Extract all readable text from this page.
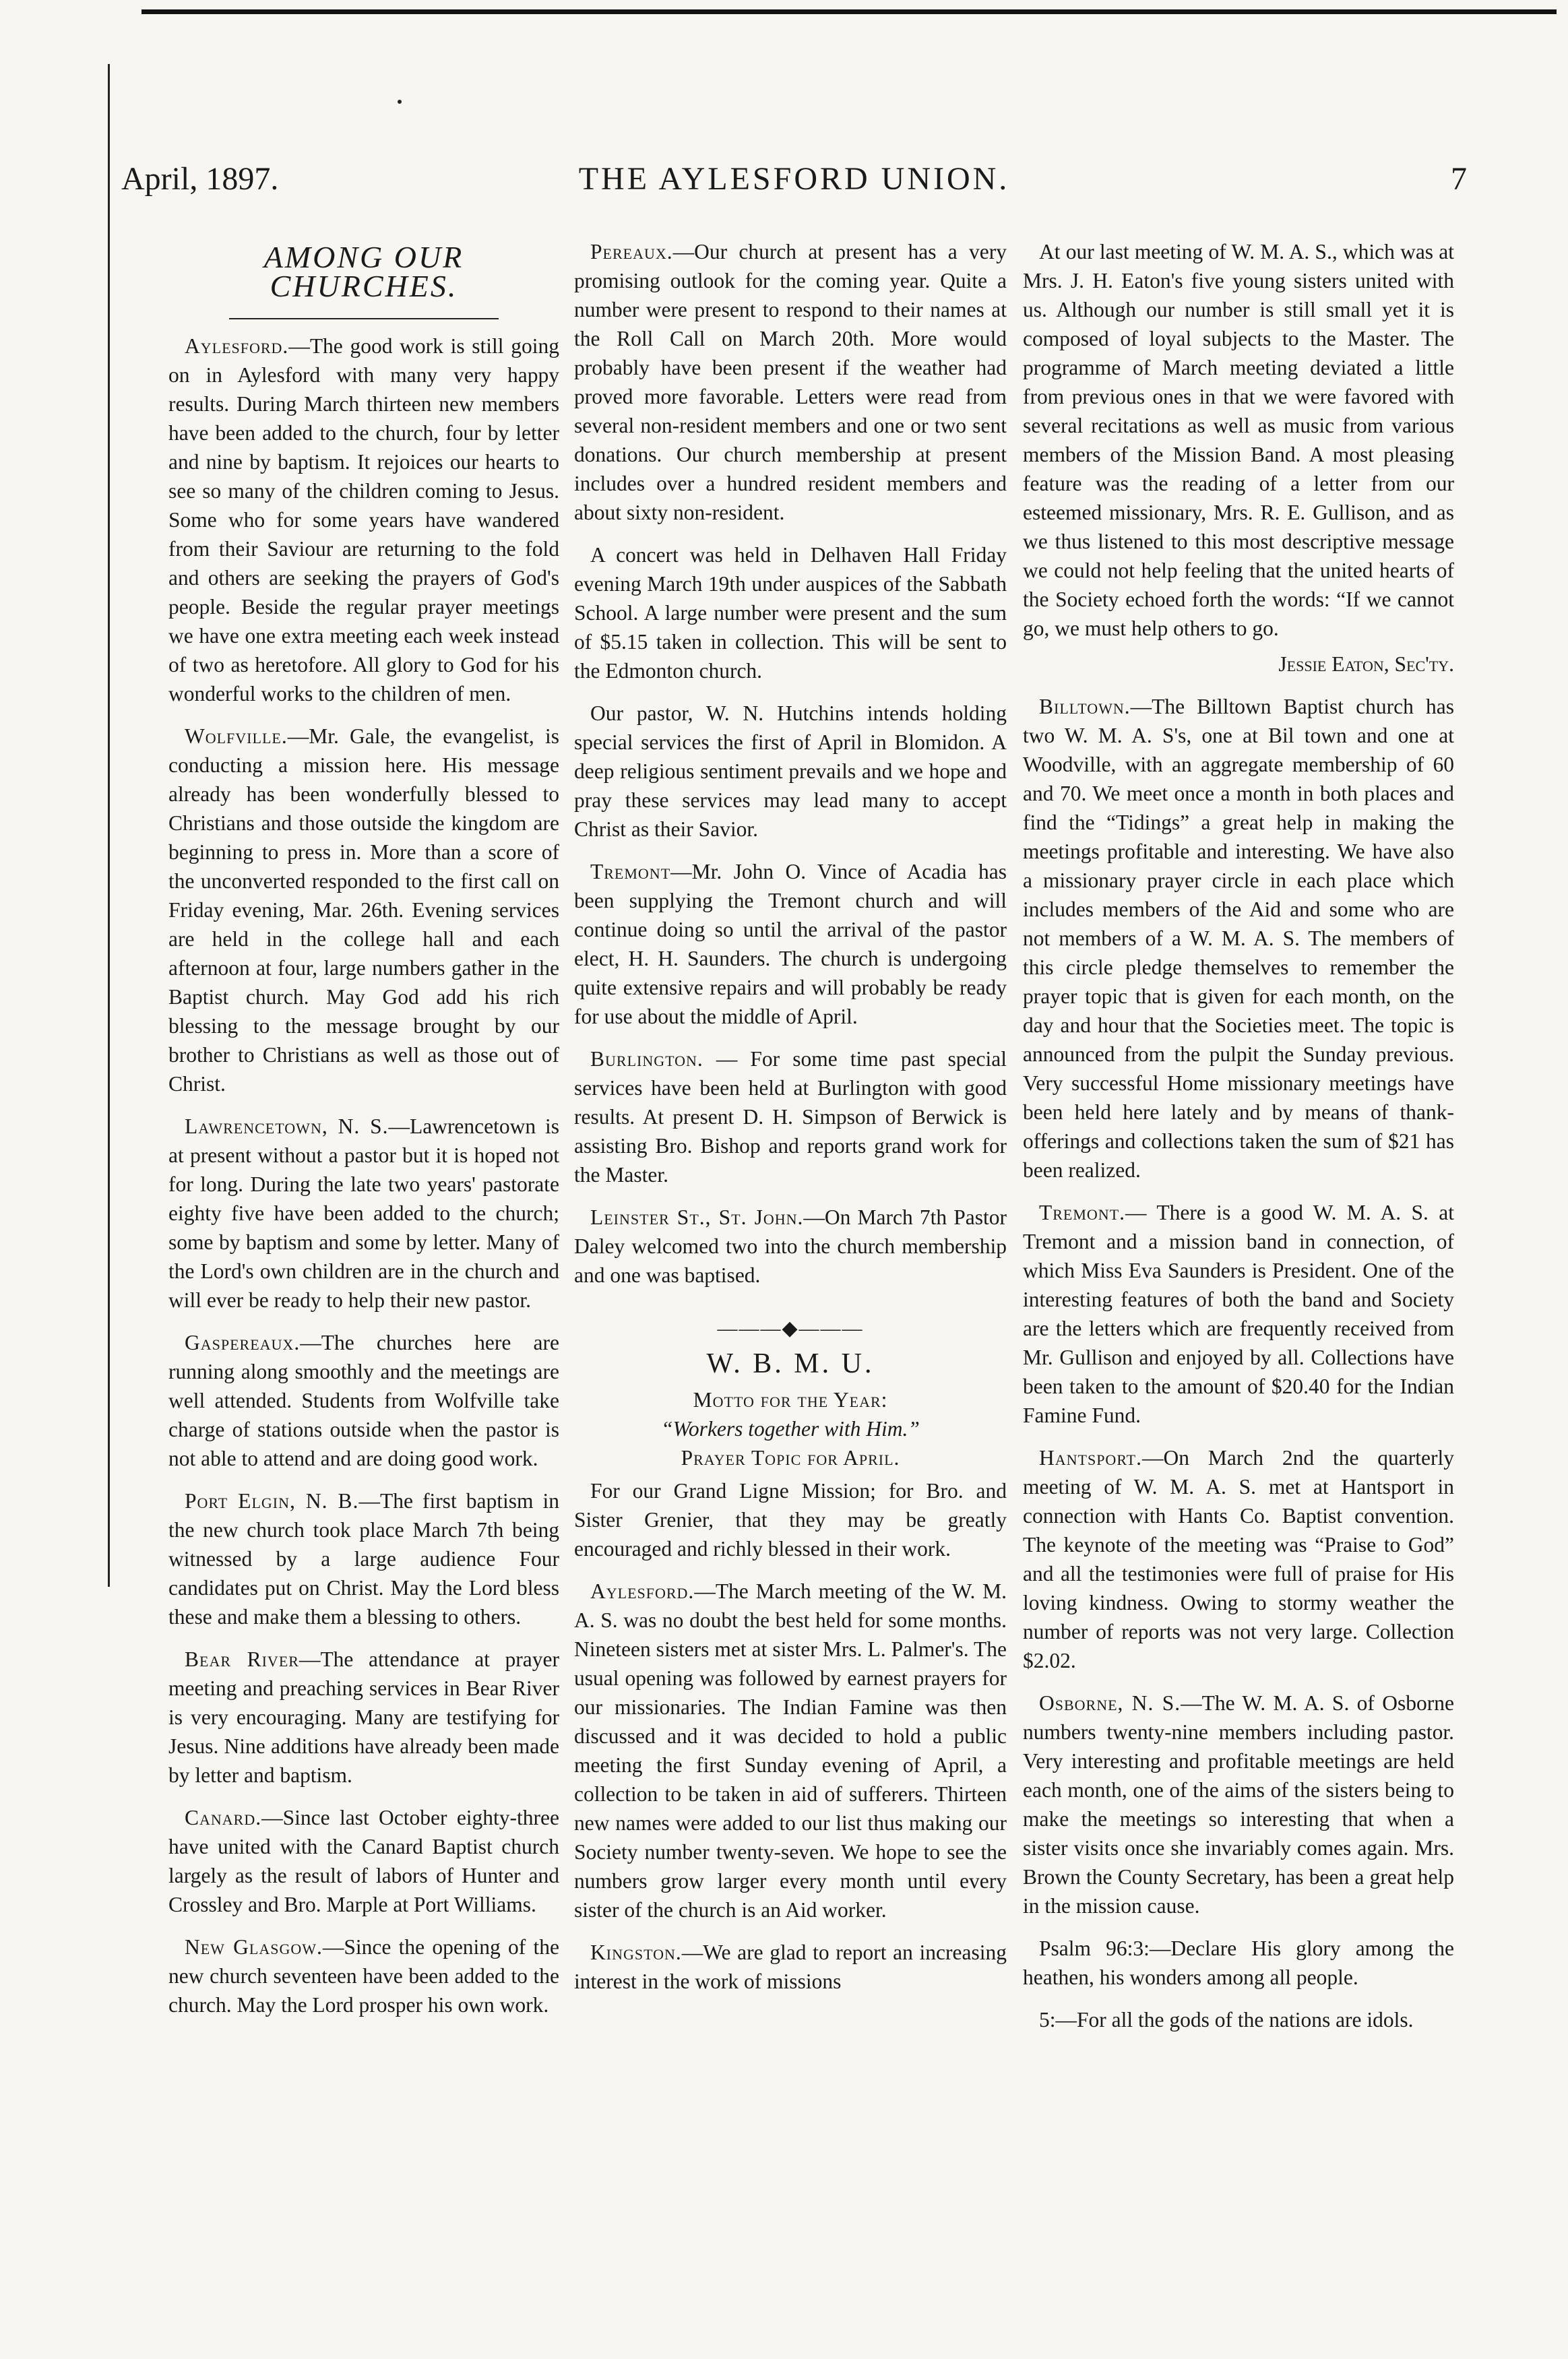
April, 1897.	THE AYLESFORD UNION.	7
AMONG OUR CHURCHES.

Aylesford.—The good work is still going on in Aylesford with many very happy results. During March thirteen new members have been added to the church, four by letter and nine by baptism. It rejoices our hearts to see so many of the children coming to Jesus. Some who for some years have wandered from their Saviour are returning to the fold and others are seeking the prayers of God's people. Beside the regular prayer meetings we have one extra meeting each week instead of two as heretofore. All glory to God for his wonderful works to the children of men.

Wolfville.—Mr. Gale, the evangelist, is conducting a mission here. His message already has been wonderfully blessed to Christians and those outside the kingdom are beginning to press in. More than a score of the unconverted responded to the first call on Friday evening, Mar. 26th. Evening services are held in the college hall and each afternoon at four, large numbers gather in the Baptist church. May God add his rich blessing to the message brought by our brother to Christians as well as those out of Christ.

Lawrencetown, N. S.—Lawrencetown is at present without a pastor but it is hoped not for long. During the late two years' pastorate eighty five have been added to the church; some by baptism and some by letter. Many of the Lord's own children are in the church and will ever be ready to help their new pastor.

Gaspereaux.—The churches here are running along smoothly and the meetings are well attended. Students from Wolfville take charge of stations outside when the pastor is not able to attend and are doing good work.

Port Elgin, N. B.—The first baptism in the new church took place March 7th being witnessed by a large audience Four candidates put on Christ. May the Lord bless these and make them a blessing to others.

Bear River—The attendance at prayer meeting and preaching services in Bear River is very encouraging. Many are testifying for Jesus. Nine additions have already been made by letter and baptism.

Canard.—Since last October eighty-three have united with the Canard Baptist church largely as the result of labors of Hunter and Crossley and Bro. Marple at Port Williams.

New Glasgow.—Since the opening of the new church seventeen have been added to the church. May the Lord prosper his own work.

Pereaux.—Our church at present has a very promising outlook for the coming year. Quite a number were present to respond to their names at the Roll Call on March 20th. More would probably have been present if the weather had proved more favorable. Letters were read from several non-resident members and one or two sent donations. Our church membership at present includes over a hundred resident members and about sixty non-resident.

A concert was held in Delhaven Hall Friday evening March 19th under auspices of the Sabbath School. A large number were present and the sum of $5.15 taken in collection. This will be sent to the Edmonton church.

Our pastor, W. N. Hutchins intends holding special services the first of April in Blomidon. A deep religious sentiment prevails and we hope and pray these services may lead many to accept Christ as their Savior.

Tremont—Mr. John O. Vince of Acadia has been supplying the Tremont church and will continue doing so until the arrival of the pastor elect, H. H. Saunders. The church is undergoing quite extensive repairs and will probably be ready for use about the middle of April.

Burlington. — For some time past special services have been held at Burlington with good results. At present D. H. Simpson of Berwick is assisting Bro. Bishop and reports grand work for the Master.

Leinster St., St. John.—On March 7th Pastor Daley welcomed two into the church membership and one was baptised.

———◆———
W. B. M. U.

Motto for the Year:

“Workers together with Him.”

Prayer Topic for April.

For our Grand Ligne Mission; for Bro. and Sister Grenier, that they may be greatly encouraged and richly blessed in their work.

Aylesford.—The March meeting of the W. M. A. S. was no doubt the best held for some months. Nineteen sisters met at sister Mrs. L. Palmer's. The usual opening was followed by earnest prayers for our missionaries. The Indian Famine was then discussed and it was decided to hold a public meeting the first Sunday evening of April, a collection to be taken in aid of sufferers. Thirteen new names were added to our list thus making our Society number twenty-seven. We hope to see the numbers grow larger every month until every sister of the church is an Aid worker.

Kingston.—We are glad to report an increasing interest in the work of missions

At our last meeting of W. M. A. S., which was at Mrs. J. H. Eaton's five young sisters united with us. Although our number is still small yet it is composed of loyal subjects to the Master. The programme of March meeting deviated a little from previous ones in that we were favored with several recitations as well as music from various members of the Mission Band. A most pleasing feature was the reading of a letter from our esteemed missionary, Mrs. R. E. Gullison, and as we thus listened to this most descriptive message we could not help feeling that the united hearts of the Society echoed forth the words: “If we cannot go, we must help others to go.

Jessie Eaton, Sec'ty.

Billtown.—The Billtown Baptist church has two W. M. A. S's, one at Bil town and one at Woodville, with an aggregate membership of 60 and 70. We meet once a month in both places and find the “Tidings” a great help in making the meetings profitable and interesting. We have also a missionary prayer circle in each place which includes members of the Aid and some who are not members of a W. M. A. S. The members of this circle pledge themselves to remember the prayer topic that is given for each month, on the day and hour that the Societies meet. The topic is announced from the pulpit the Sunday previous. Very successful Home missionary meetings have been held here lately and by means of thank-offerings and collections taken the sum of $21 has been realized.

Tremont.— There is a good W. M. A. S. at Tremont and a mission band in connection, of which Miss Eva Saunders is President. One of the interesting features of both the band and Society are the letters which are frequently received from Mr. Gullison and enjoyed by all. Collections have been taken to the amount of $20.40 for the Indian Famine Fund.

Hantsport.—On March 2nd the quarterly meeting of W. M. A. S. met at Hantsport in connection with Hants Co. Baptist convention. The keynote of the meeting was “Praise to God” and all the testimonies were full of praise for His loving kindness. Owing to stormy weather the number of reports was not very large. Collection $2.02.

Osborne, N. S.—The W. M. A. S. of Osborne numbers twenty-nine members including pastor. Very interesting and profitable meetings are held each month, one of the aims of the sisters being to make the meetings so interesting that when a sister visits once she invariably comes again. Mrs. Brown the County Secretary, has been a great help in the mission cause.

Psalm 96:3:—Declare His glory among the heathen, his wonders among all people.

5:—For all the gods of the nations are idols.
